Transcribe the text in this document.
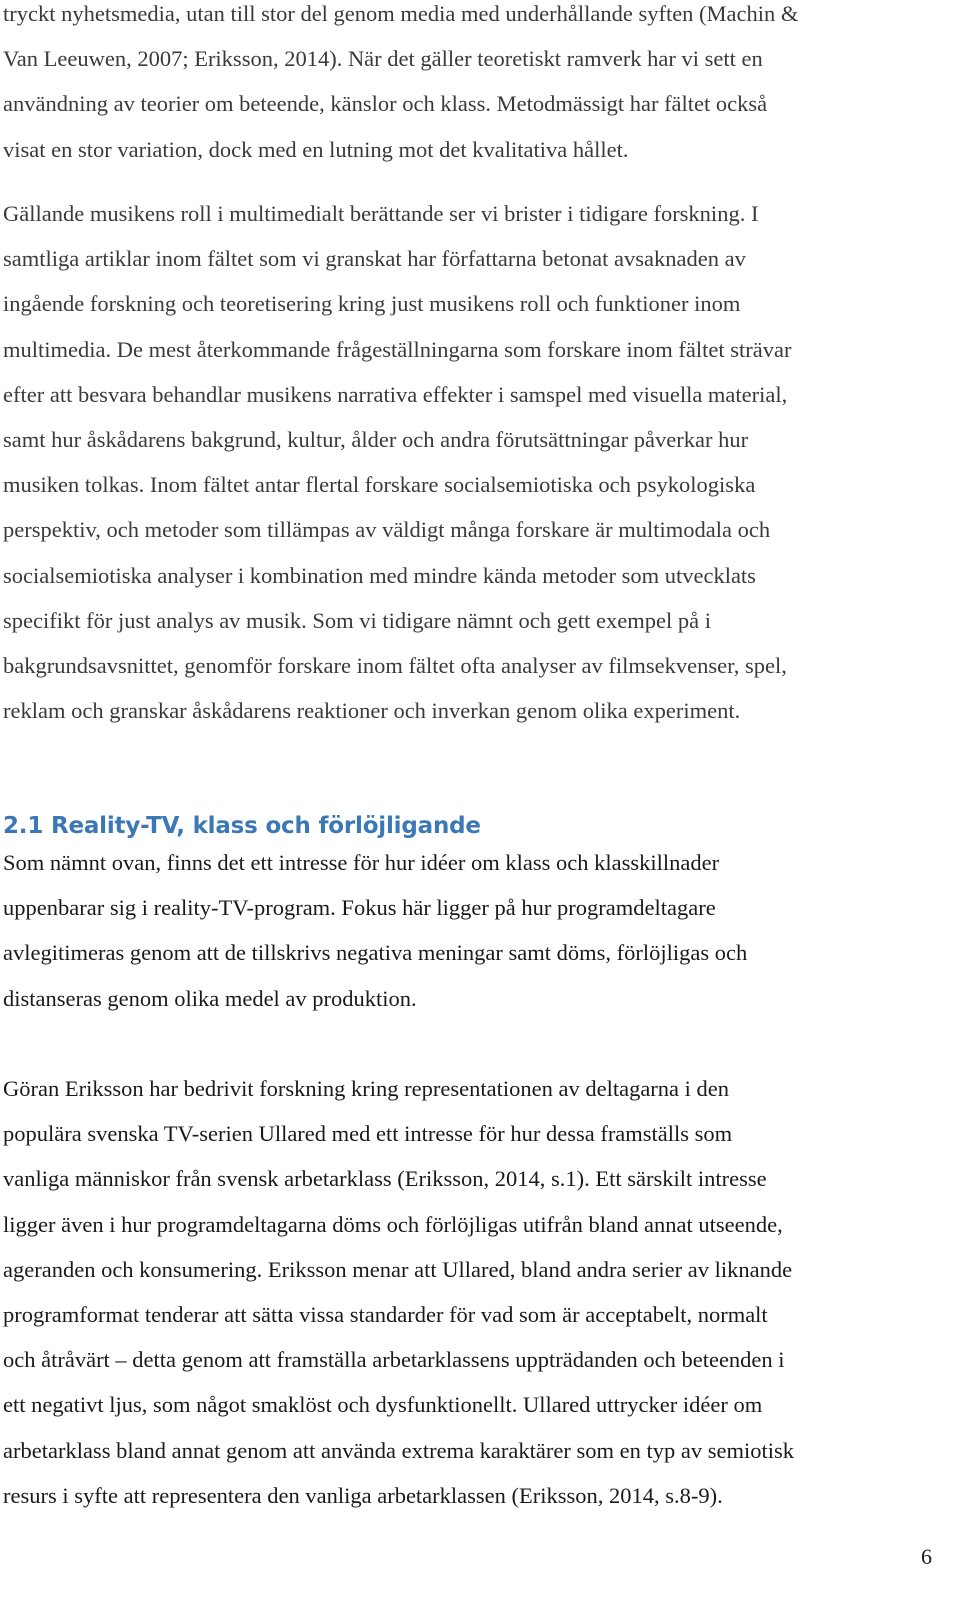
tryckt nyhetsmedia, utan till stor del genom media med underhållande syften (Machin &
Van Leeuwen, 2007; Eriksson, 2014). När det gäller teoretiskt ramverk har vi sett en
användning av teorier om beteende, känslor och klass. Metodmässigt har fältet också
visat en stor variation, dock med en lutning mot det kvalitativa hållet.
Gällande musikens roll i multimedialt berättande ser vi brister i tidigare forskning. I
samtliga artiklar inom fältet som vi granskat har författarna betonat avsaknaden av
ingående forskning och teoretisering kring just musikens roll och funktioner inom
multimedia. De mest återkommande frågeställningarna som forskare inom fältet strävar
efter att besvara behandlar musikens narrativa effekter i samspel med visuella material,
samt hur åskådarens bakgrund, kultur, ålder och andra förutsättningar påverkar hur
musiken tolkas. Inom fältet antar flertal forskare socialsemiotiska och psykologiska
perspektiv, och metoder som tillämpas av väldigt många forskare är multimodala och
socialsemiotiska analyser i kombination med mindre kända metoder som utvecklats
specifikt för just analys av musik. Som vi tidigare nämnt och gett exempel på i
bakgrundsavsnittet, genomför forskare inom fältet ofta analyser av filmsekvenser, spel,
reklam och granskar åskådarens reaktioner och inverkan genom olika experiment.
2.1 Reality-TV, klass och förlöjligande
Som nämnt ovan, finns det ett intresse för hur idéer om klass och klasskillnader
uppenbarar sig i reality-TV-program. Fokus här ligger på hur programdeltagare
avlegitimeras genom att de tillskrivs negativa meningar samt döms, förlöjligas och
distanseras genom olika medel av produktion.
Göran Eriksson har bedrivit forskning kring representationen av deltagarna i den
populära svenska TV-serien Ullared med ett intresse för hur dessa framställs som
vanliga människor från svensk arbetarklass (Eriksson, 2014, s.1). Ett särskilt intresse
ligger även i hur programdeltagarna döms och förlöjligas utifrån bland annat utseende,
ageranden och konsumering. Eriksson menar att Ullared, bland andra serier av liknande
programformat tenderar att sätta vissa standarder för vad som är acceptabelt, normalt
och åtråvärt – detta genom att framställa arbetarklassens uppträdanden och beteenden i
ett negativt ljus, som något smaklöst och dysfunktionellt. Ullared uttrycker idéer om
arbetarklass bland annat genom att använda extrema karaktärer som en typ av semiotisk
resurs i syfte att representera den vanliga arbetarklassen (Eriksson, 2014, s.8-9).
6
